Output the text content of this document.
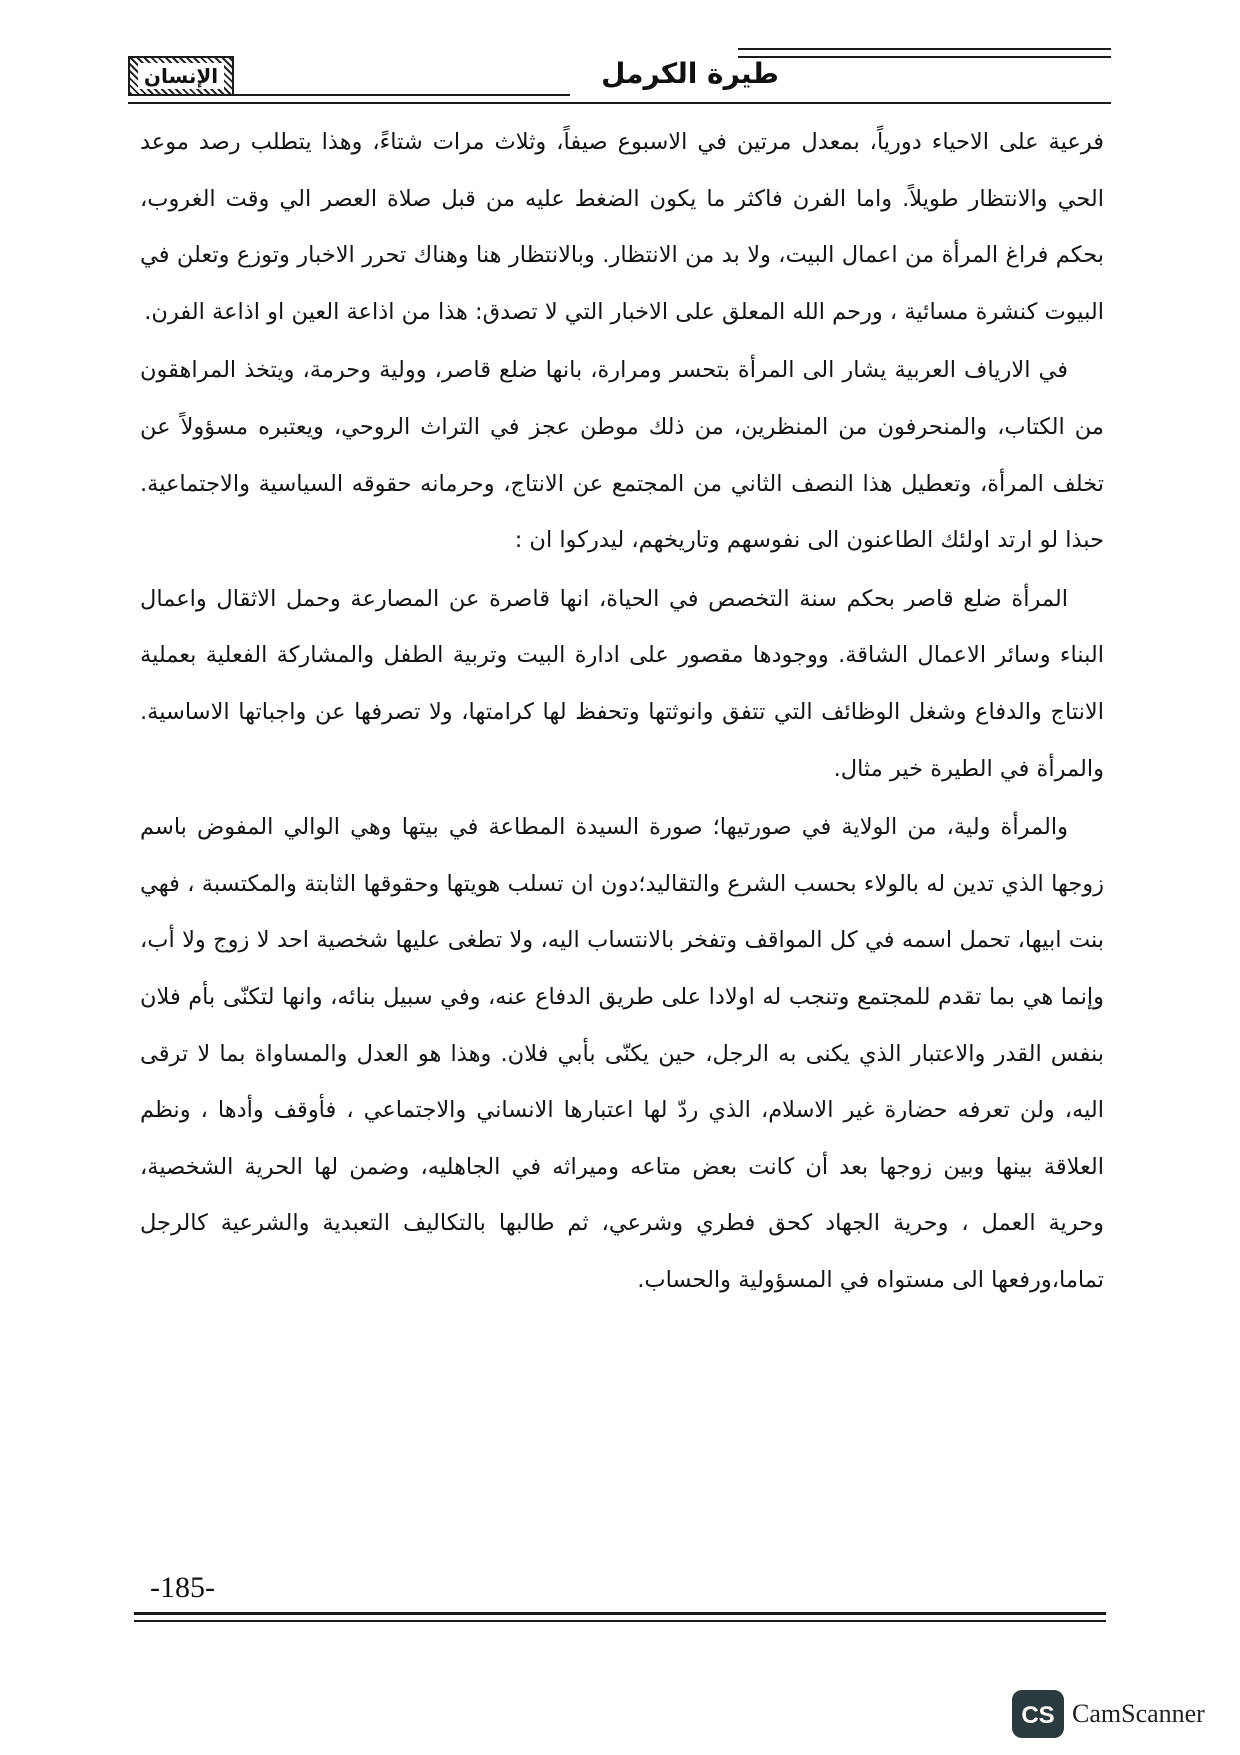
الإنسان	طيرة الكرمل

فرعية على الاحياء دورياً، بمعدل مرتين في الاسبوع صيفاً، وثلاث مرات شتاءً، وهذا يتطلب رصد موعد الحي والانتظار طويلاً. واما الفرن فاكثر ما يكون الضغط عليه من قبل صلاة العصر الي وقت الغروب، بحكم فراغ المرأة من اعمال البيت، ولا بد من الانتظار. وبالانتظار هنا وهناك تحرر الاخبار وتوزع وتعلن في البيوت كنشرة مسائية ، ورحم الله المعلق على الاخبار التي لا تصدق: هذا من اذاعة العين او اذاعة الفرن.

في الارياف العربية يشار الى المرأة بتحسر ومرارة، بانها ضلع قاصر، وولية وحرمة، ويتخذ المراهقون من الكتاب، والمنحرفون من المنظرين، من ذلك موطن عجز في التراث الروحي، ويعتبره مسؤولاً عن تخلف المرأة، وتعطيل هذا النصف الثاني من المجتمع عن الانتاج، وحرمانه حقوقه السياسية والاجتماعية. حبذا لو ارتد اولئك الطاعنون الى نفوسهم وتاريخهم، ليدركوا ان :

المرأة ضلع قاصر بحكم سنة التخصص في الحياة، انها قاصرة عن المصارعة وحمل الاثقال واعمال البناء وسائر الاعمال الشاقة. ووجودها مقصور على ادارة البيت وتربية الطفل والمشاركة الفعلية بعملية الانتاج والدفاع وشغل الوظائف التي تتفق وانوثتها وتحفظ لها كرامتها، ولا تصرفها عن واجباتها الاساسية. والمرأة في الطيرة خير مثال.

والمرأة ولية، من الولاية في صورتيها؛ صورة السيدة المطاعة في بيتها وهي الوالي المفوض باسم زوجها الذي تدين له بالولاء بحسب الشرع والتقاليد؛دون ان تسلب هويتها وحقوقها الثابتة والمكتسبة ، فهي بنت ابيها، تحمل اسمه في كل المواقف وتفخر بالانتساب اليه، ولا تطغى عليها شخصية احد لا زوج ولا أب، وإنما هي بما تقدم للمجتمع وتنجب له اولادا على طريق الدفاع عنه، وفي سبيل بنائه، وانها لتكنّى بأم فلان بنفس القدر والاعتبار الذي يكنى به الرجل، حين يكنّى بأبي فلان. وهذا هو العدل والمساواة بما لا ترقى اليه، ولن تعرفه حضارة غير الاسلام، الذي ردّ لها اعتبارها الانساني والاجتماعي ، فأوقف وأدها ، ونظم العلاقة بينها وبين زوجها بعد أن كانت بعض متاعه وميراثه في الجاهليه، وضمن لها الحرية الشخصية، وحرية العمل ، وحرية الجهاد كحق فطري وشرعي، ثم طالبها بالتكاليف التعبدية والشرعية كالرجل تماما،ورفعها الى مستواه في المسؤولية والحساب.

-185-
CS CamScanner
